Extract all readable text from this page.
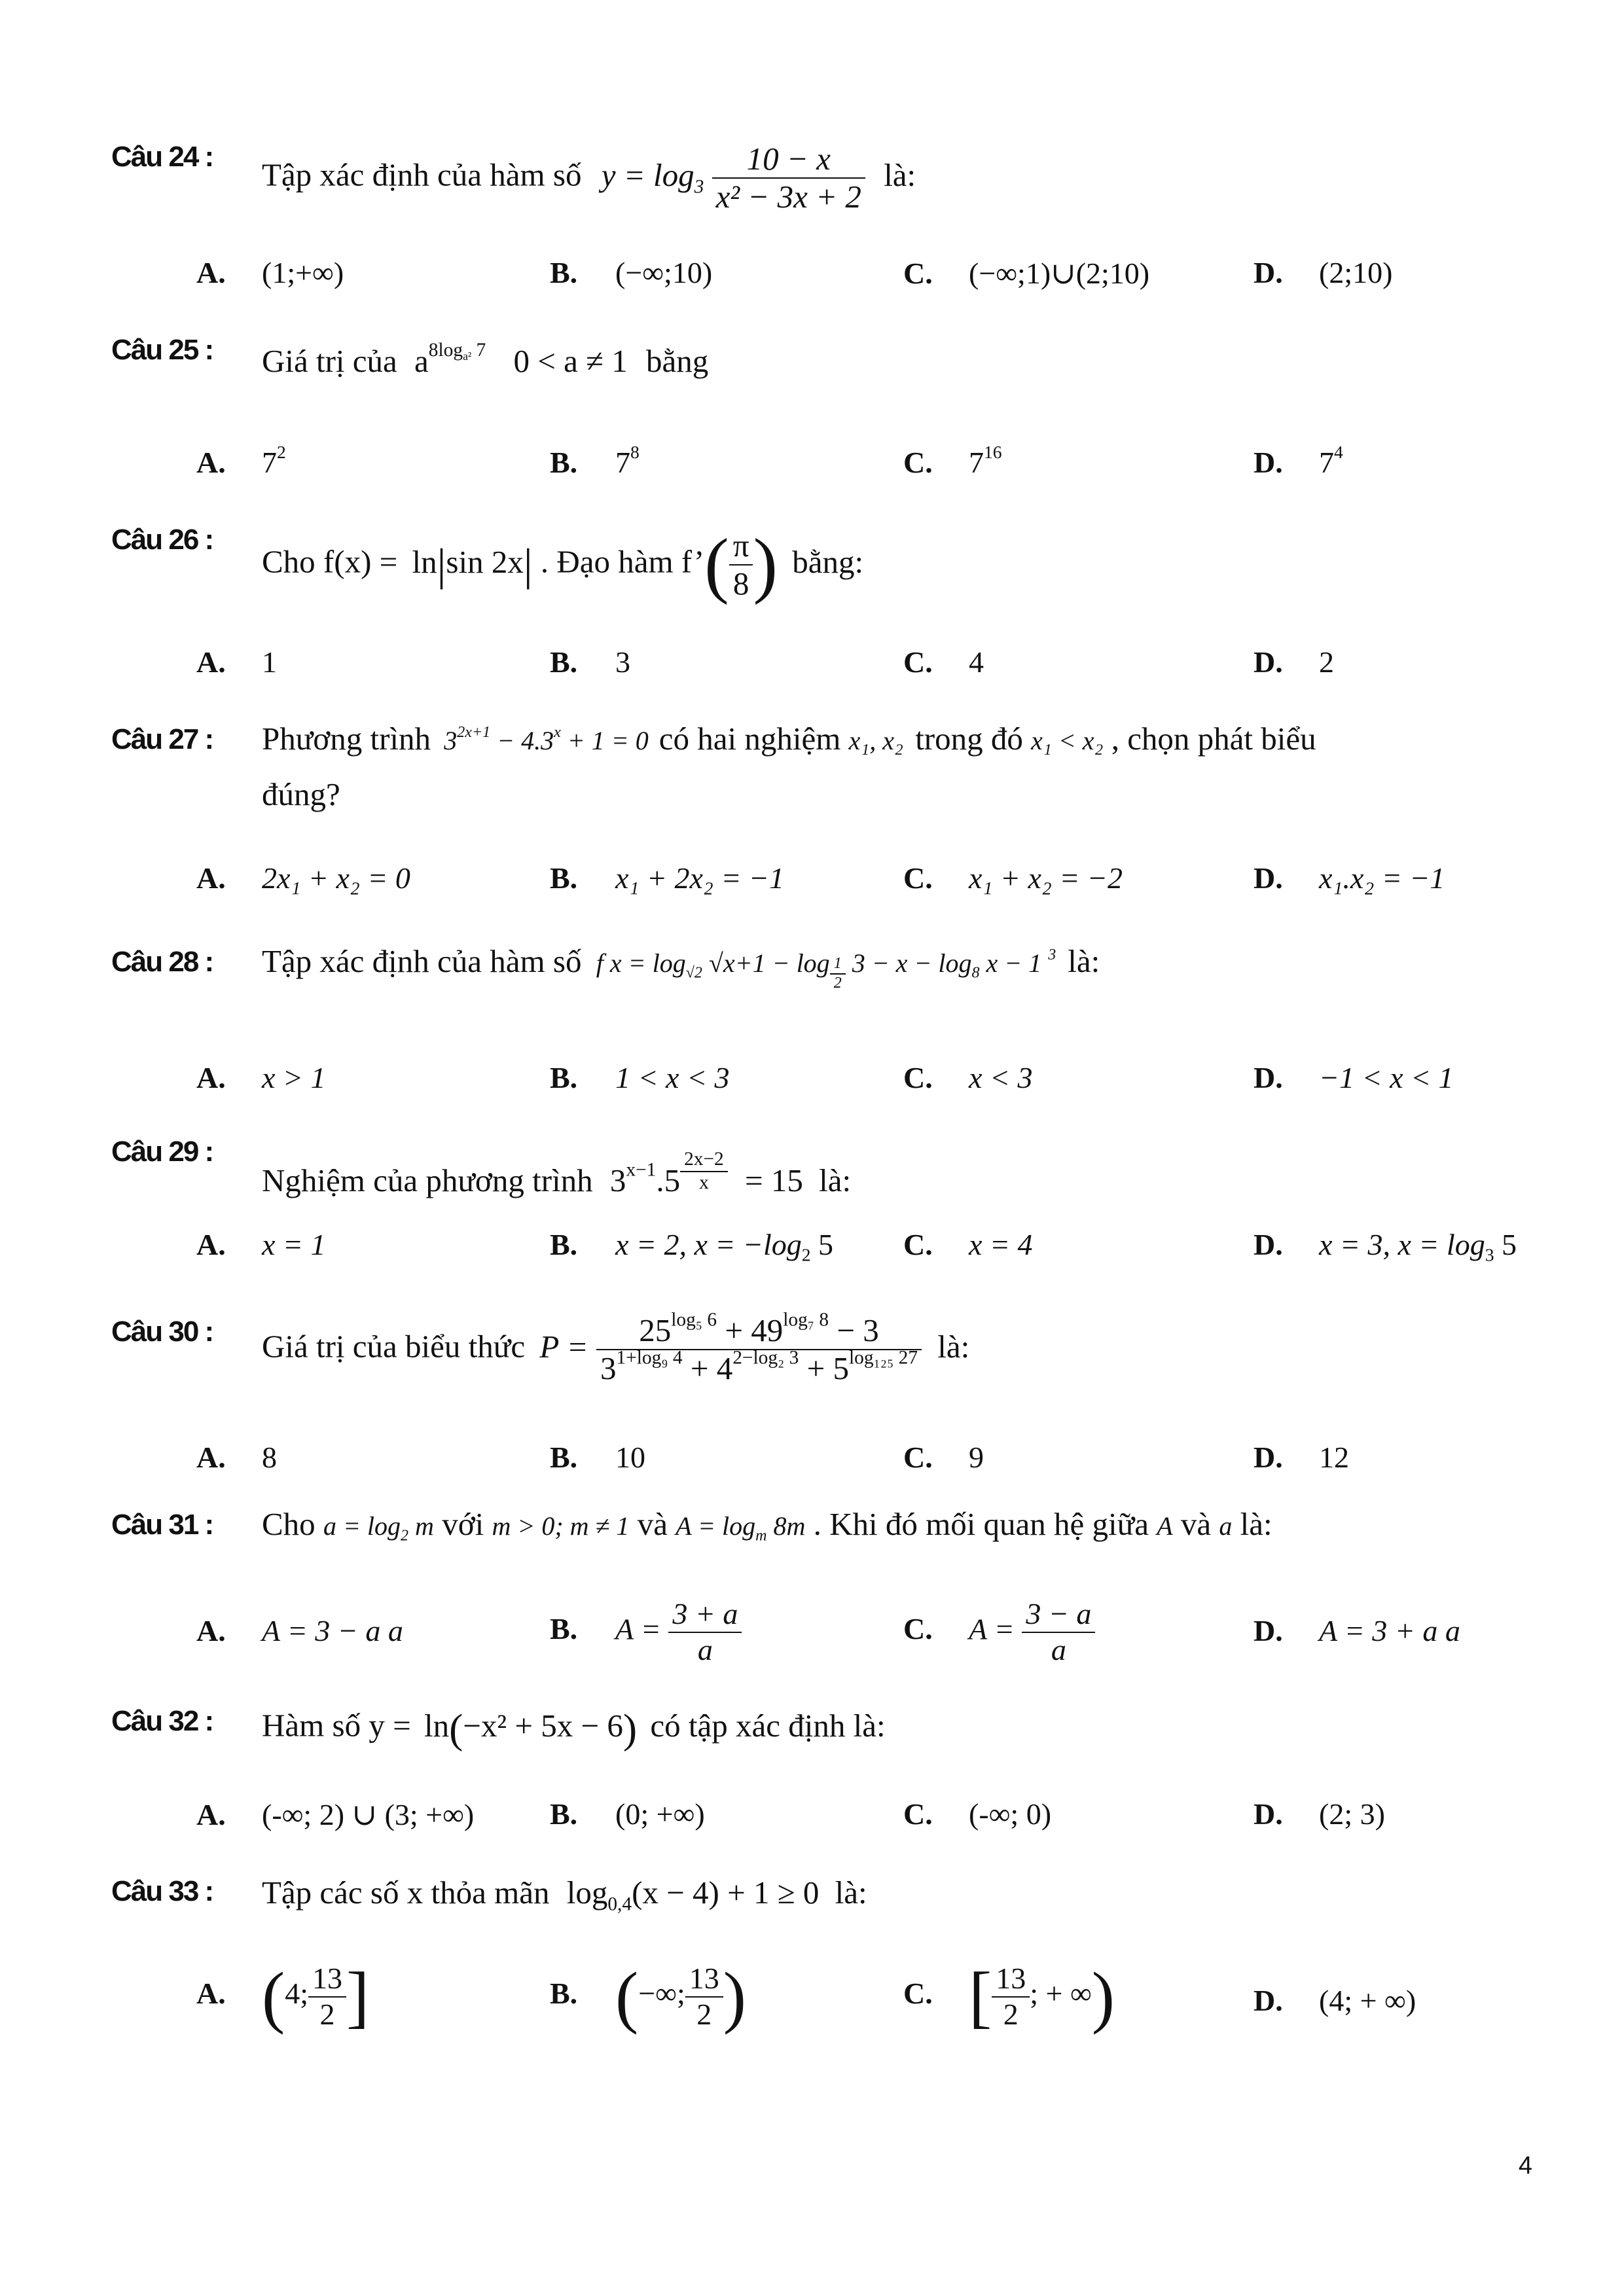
Câu 24 :
Tập xác định của hàm số $y = \log_3 \frac{10 - x}{\text{x² − 3x + 2}}$ là:
A. (1;+∞)	B. (−∞;10)	C. (−∞;1)∪(2;10)	D. (2;10)
Câu 25 : Giá trị của $a^{8log_{a^2} 7}$ 0 < a ≠ 1 bằng
A. $7^2$	B. $7^8$	C. $7^{16}$	D. $7^4$
Câu 26 :
Cho f(x) = ln|sin 2x| . Đạo hàm f’( $\frac{\pi}{8}$ ) bằng:
A. 1	B. 3	C. 4	D. 2
Câu 27 : Phương trình $3^{2x+1} - 4.3^x + 1 = 0$ có hai nghiệm x₁, x₂ trong đó x₁ < x₂ , chọn phát biểu
đúng?
A. 2x₁ + x₂ = 0	B. x₁ + 2x₂ = −1	C. x₁ + x₂ = −2	D. x₁.x₂ = −1
Câu 28 : Tập xác định của hàm số f $x = \log_{√2} √x+1 - \log _{\frac{1}{2}}$ $3 - x - \log_8 x - 1$ $^3$ là:
A. x > 1	B. 1 < x < 3	C. x < 3	D. −1 < x < 1
Câu 29 :
Nghiệm của phương trình $3^{x-1}.5$ $^{\frac{2x-2}{x}}$ = 15 là:
A. x = 1	B. x = 2, $x = -\log_2$ 5 C. x = 4	D. x = 3, $x = \log_3 5$
Câu 30 : Giá trị của biểu thức $P = \frac{25^{log_5 6} + 49^{log_7 8} - 3}{3^{1+log_9 4} + 4^{2-log_2 3} + 5^{log_{125} 27}}$ là:
A. 8	B. 10	C. 9	D. 12
Câu 31 : Cho $a = \log_2 m$ với m > 0; m ≠ 1 và $A = \log_m 8m$ . Khi đó mối quan hệ giữa A và a là:
A. A = 3 − a a	B. $A = \frac{3 + a}{a}$	C. $A = \frac{3 - a}{a}$	D. A = 3 + a a
Câu 32 : Hàm số y = ln(−x² + 5x − 6) có tập xác định là:
A. (-∞; 2) ∪ (3; +∞)	B. (0; +∞)	C. (-∞; 0)	D. (2; 3)
Câu 33 : Tập các số x thỏa mãn $\log_{0,4}(x - 4) + 1 \ge 0$ là:
A. (4; $\frac{13}{2}$ ]	B. (−∞; $\frac{13}{2}$ )	C. [ $\frac{13}{2}$ ; + ∞)	D. (4; + ∞)
4
